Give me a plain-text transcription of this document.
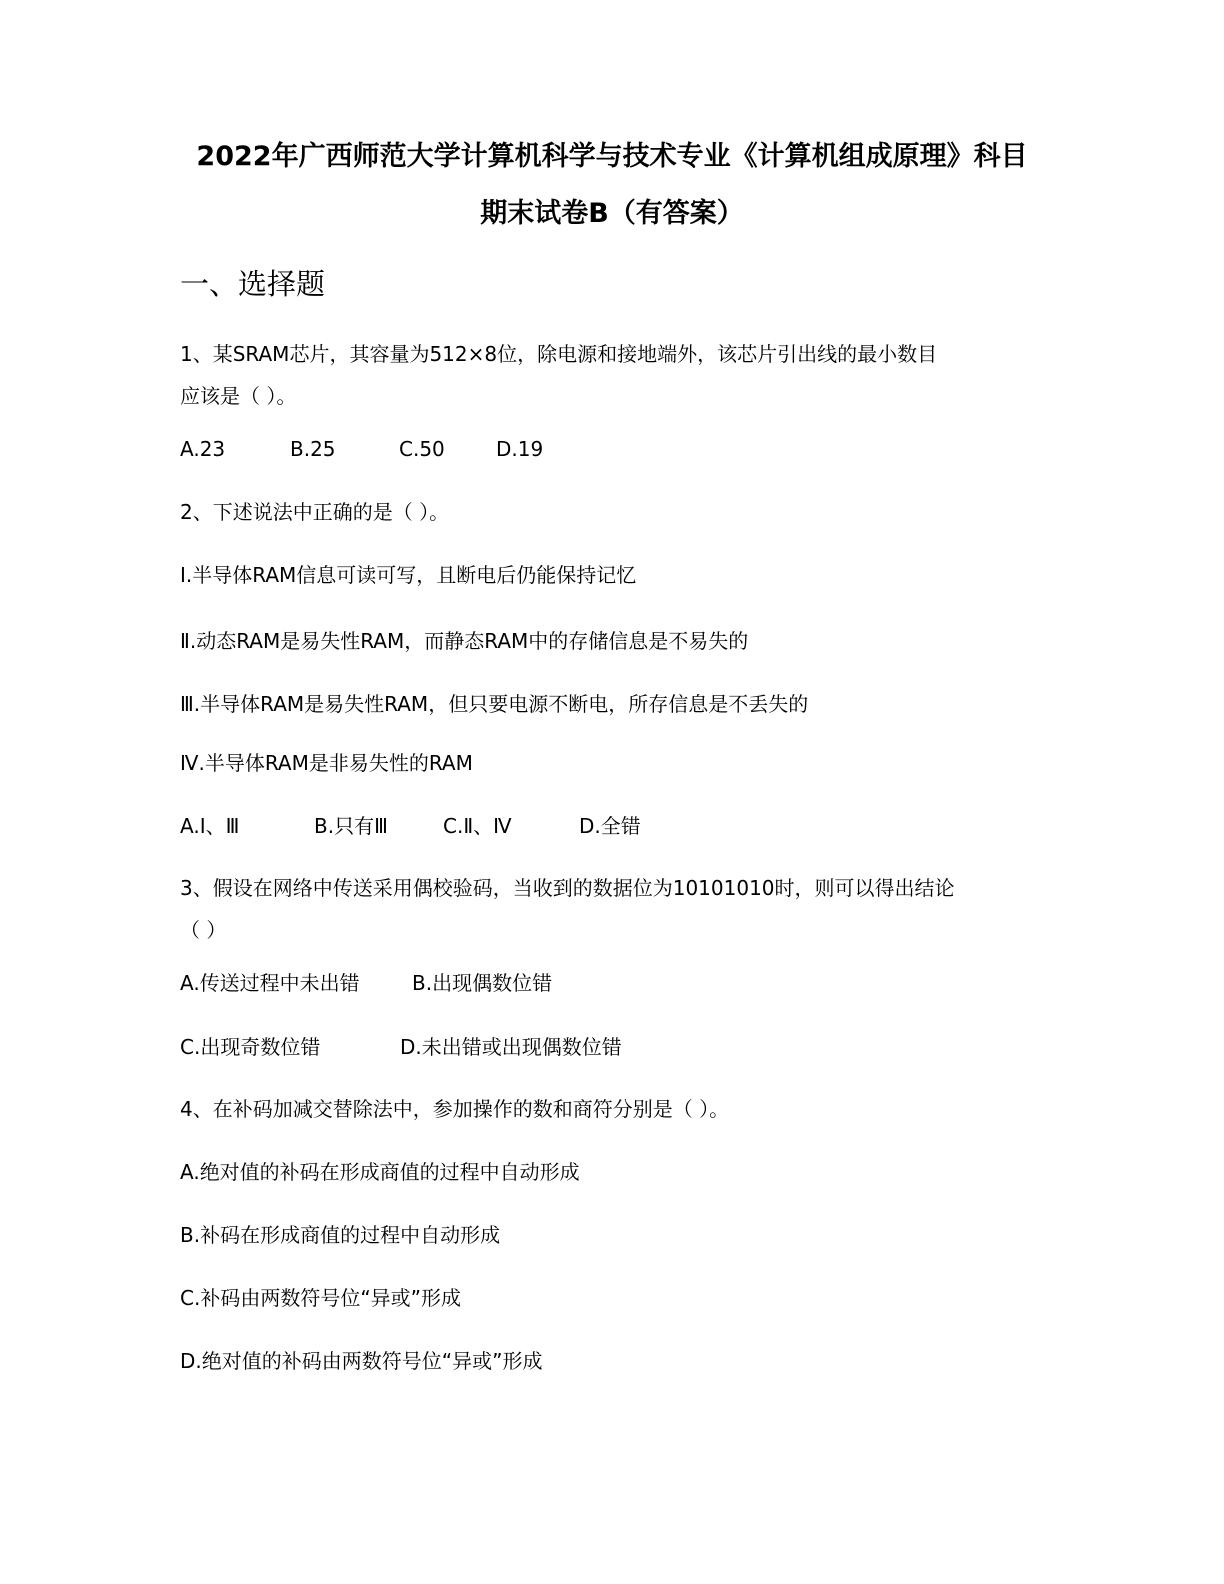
2022年广西师范大学计算机科学与技术专业《计算机组成原理》科目
期末试卷B（有答案）
一、选择题
1、某SRAM芯片，其容量为512×8位，除电源和接地端外，该芯片引出线的最小数目
应该是（ ）。
A.23	B.25	C.50	D.19
2、下述说法中正确的是（ ）。
I.半导体RAM信息可读可写，且断电后仍能保持记忆
Ⅱ.动态RAM是易失性RAM，而静态RAM中的存储信息是不易失的
Ⅲ.半导体RAM是易失性RAM，但只要电源不断电，所存信息是不丢失的
Ⅳ.半导体RAM是非易失性的RAM
A.I、Ⅲ	B.只有Ⅲ	C.Ⅱ、Ⅳ	D.全错
3、假设在网络中传送采用偶校验码，当收到的数据位为10101010时，则可以得出结论
（ ）
A.传送过程中未出错	B.出现偶数位错
C.出现奇数位错	D.未出错或出现偶数位错
4、在补码加减交替除法中，参加操作的数和商符分别是（ ）。
A.绝对值的补码在形成商值的过程中自动形成
B.补码在形成商值的过程中自动形成
C.补码由两数符号位“异或”形成
D.绝对值的补码由两数符号位“异或”形成
